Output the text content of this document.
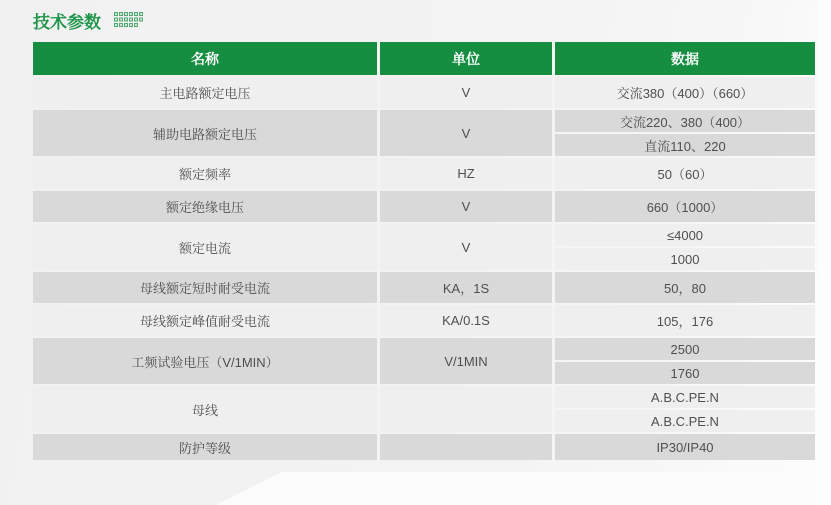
技术参数
名称	单位	数据
主电路额定电压	V	交流380（400）（660）
辅助电路额定电压	V	交流220、380（400）
		直流110、220
额定频率	HZ	50（60）
额定绝缘电压	V	660（1000）
额定电流	V	≤4000
		1000
母线额定短时耐受电流	KA，1S	50，80
母线额定峰值耐受电流	KA/0.1S	105，176
工频试验电压（V/1MIN）	V/1MIN	2500
		1760
母线		A.B.C.PE.N
		A.B.C.PE.N
防护等级		IP30/IP40
